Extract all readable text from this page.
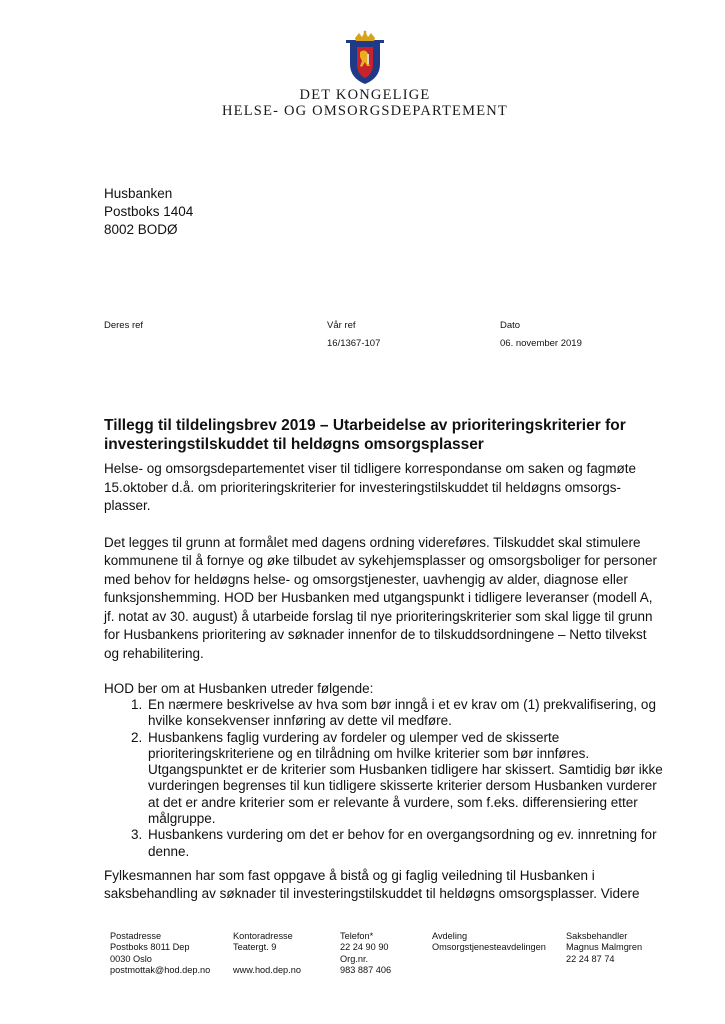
DET KONGELIGE
HELSE- OG OMSORGSDEPARTEMENT
Husbanken
Postboks 1404
8002 BODØ
Deres ref	Vår ref
16/1367-107
Dato
06. november 2019
Tillegg til tildelingsbrev 2019 – Utarbeidelse av prioriteringskriterier for
investeringstilskuddet til heldøgns omsorgsplasser

Helse- og omsorgsdepartementet viser til tidligere korrespondanse om saken og fagmøte 15.oktober d.å. om prioriteringskriterier for investeringstilskuddet til heldøgns omsorgs-plasser.

Det legges til grunn at formålet med dagens ordning videreføres. Tilskuddet skal stimulere kommunene til å fornye og øke tilbudet av sykehjemsplasser og omsorgsboliger for personer med behov for heldøgns helse- og omsorgstjenester, uavhengig av alder, diagnose eller funksjonshemming. HOD ber Husbanken med utgangspunkt i tidligere leveranser (modell A, jf. notat av 30. august) å utarbeide forslag til nye prioriteringskriterier som skal ligge til grunn for Husbankens prioritering av søknader innenfor de to tilskuddsordningene – Netto tilvekst og rehabilitering.

HOD ber om at Husbanken utreder følgende:

1. En nærmere beskrivelse av hva som bør inngå i et ev krav om (1) prekvalifisering, og hvilke konsekvenser innføring av dette vil medføre.
2. Husbankens faglig vurdering av fordeler og ulemper ved de skisserte prioriteringskriteriene og en tilrådning om hvilke kriterier som bør innføres. Utgangspunktet er de kriterier som Husbanken tidligere har skissert. Samtidig bør ikke vurderingen begrenses til kun tidligere skisserte kriterier dersom Husbanken vurderer at det er andre kriterier som er relevante å vurdere, som f.eks. differensiering etter målgruppe.
3. Husbankens vurdering om det er behov for en overgangsordning og ev. innretning for denne.

Fylkesmannen har som fast oppgave å bistå og gi faglig veiledning til Husbanken i saksbehandling av søknader til investeringstilskuddet til heldøgns omsorgsplasser. Videre

Postadresse
Postboks 8011 Dep
0030 Oslo
postmottak@hod.dep.no
Kontoradresse
Teatergt. 9

www.hod.dep.no
Telefon*
22 24 90 90
Org.nr.
983 887 406
Avdeling
Omsorgstjenesteavdelingen
Saksbehandler
Magnus Malmgren
22 24 87 74
